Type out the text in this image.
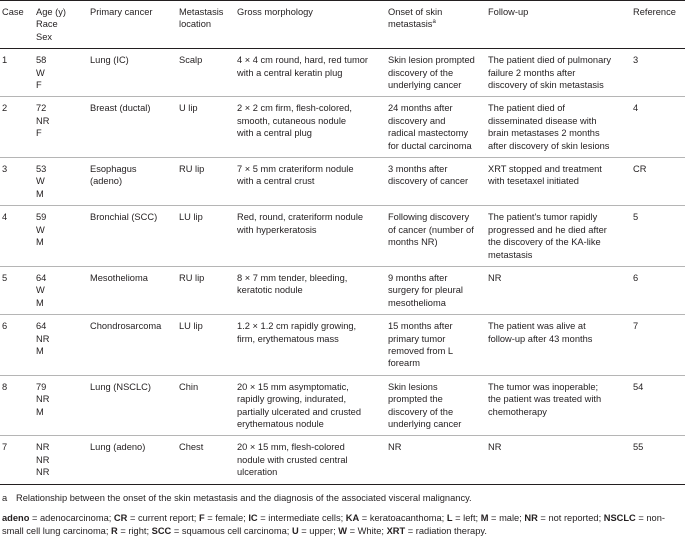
Case	Age (y)
Race
Sex	Primary cancer	Metastasis
location	Gross morphology	Onset of skin
metastasis$^a$	Follow-up	Reference

1	58
W
F	Lung (IC)	Scalp	4 × 4 cm round, hard, red tumor
with a central keratin plug	Skin lesion prompted
discovery of the
underlying cancer	The patient died of pulmonary
failure 2 months after
discovery of skin metastasis	3

2	72
NR
F	Breast (ductal)	U lip	2 × 2 cm firm, flesh-colored,
smooth, cutaneous nodule
with a central plug	24 months after
discovery and
radical mastectomy
for ductal carcinoma	The patient died of
disseminated disease with
brain metastases 2 months
after discovery of skin lesions	4

3	53
W
M	Esophagus
(adeno)	RU lip	7 × 5 mm crateriform nodule
with a central crust	3 months after
discovery of cancer	XRT stopped and treatment
with tesetaxel initiated	CR

4	59
W
M	Bronchial (SCC)	LU lip	Red, round, crateriform nodule
with hyperkeratosis	Following discovery
of cancer (number of
months NR)	The patient's tumor rapidly
progressed and he died after
the discovery of the KA-like
metastasis	5

5	64
W
M	Mesothelioma	RU lip	8 × 7 mm tender, bleeding,
keratotic nodule	9 months after
surgery for pleural
mesothelioma	NR	6

6	64
NR
M	Chondrosarcoma	LU lip	1.2 × 1.2 cm rapidly growing,
firm, erythematous mass	15 months after
primary tumor
removed from L
forearm	The patient was alive at
follow-up after 43 months	7

8	79
NR
M	Lung (NSCLC)	Chin	20 × 15 mm asymptomatic,
rapidly growing, indurated,
partially ulcerated and crusted
erythematous nodule	Skin lesions
prompted the
discovery of the
underlying cancer	The tumor was inoperable;
the patient was treated with
chemotherapy	54

7	NR
NR
NR	Lung (adeno)	Chest	20 × 15 mm, flesh-colored
nodule with crusted central
ulceration	NR	NR	55
a Relationship between the onset of the skin metastasis and the diagnosis of the associated visceral malignancy.
adeno = adenocarcinoma; CR = current report; F = female; IC = intermediate cells; KA = keratoacanthoma; L = left; M = male; NR = not reported; NSCLC = non-small cell lung carcinoma; R = right; SCC = squamous cell carcinoma; U = upper; W = White; XRT = radiation therapy.
